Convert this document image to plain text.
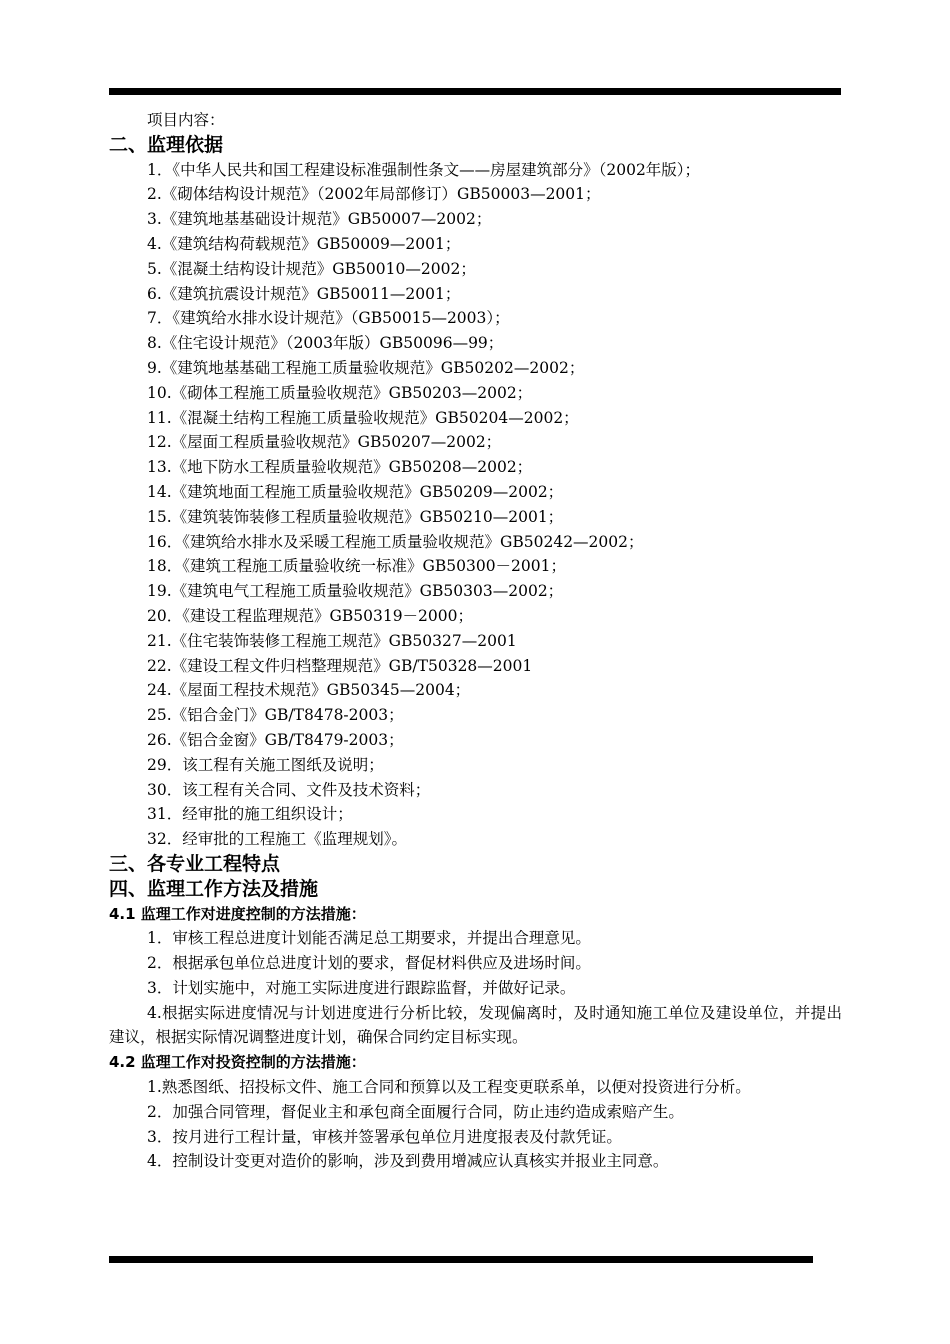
项目内容：
二、监理依据
1．《中华人民共和国工程建设标准强制性条文——房屋建筑部分》（2002年版）；
2.《砌体结构设计规范》（2002年局部修订）GB50003—2001；
3.《建筑地基基础设计规范》GB50007—2002；
4.《建筑结构荷载规范》GB50009—2001；
5.《混凝土结构设计规范》GB50010—2002；
6.《建筑抗震设计规范》GB50011—2001；
7．《建筑给水排水设计规范》（GB50015—2003）；
8.《住宅设计规范》（2003年版）GB50096—99；
9.《建筑地基基础工程施工质量验收规范》GB50202—2002；
10.《砌体工程施工质量验收规范》GB50203—2002；
11.《混凝土结构工程施工质量验收规范》GB50204—2002；
12.《屋面工程质量验收规范》GB50207—2002；
13.《地下防水工程质量验收规范》GB50208—2002；
14.《建筑地面工程施工质量验收规范》GB50209—2002；
15.《建筑装饰装修工程质量验收规范》GB50210—2001；
16．《建筑给水排水及采暖工程施工质量验收规范》GB50242—2002；
18．《建筑工程施工质量验收统一标准》GB50300－2001；
19.《建筑电气工程施工质量验收规范》GB50303—2002；
20．《建设工程监理规范》GB50319－2000；
21.《住宅装饰装修工程施工规范》GB50327—2001
22.《建设工程文件归档整理规范》GB/T50328—2001
24.《屋面工程技术规范》GB50345—2004；
25.《铝合金门》GB/T8478-2003；
26.《铝合金窗》GB/T8479-2003；
29．该工程有关施工图纸及说明；
30．该工程有关合同、文件及技术资料；
31．经审批的施工组织设计；
32．经审批的工程施工《监理规划》。
三、各专业工程特点
四、监理工作方法及措施
4.1 监理工作对进度控制的方法措施：
1．审核工程总进度计划能否满足总工期要求，并提出合理意见。
2．根据承包单位总进度计划的要求，督促材料供应及进场时间。
3．计划实施中，对施工实际进度进行跟踪监督，并做好记录。
4.根据实际进度情况与计划进度进行分析比较，发现偏离时，及时通知施工单位及建设单位，并提出建议，根据实际情况调整进度计划，确保合同约定目标实现。
4.2 监理工作对投资控制的方法措施：
1.熟悉图纸、招投标文件、施工合同和预算以及工程变更联系单，以便对投资进行分析。
2．加强合同管理，督促业主和承包商全面履行合同，防止违约造成索赔产生。
3．按月进行工程计量，审核并签署承包单位月进度报表及付款凭证。
4．控制设计变更对造价的影响，涉及到费用增减应认真核实并报业主同意。
